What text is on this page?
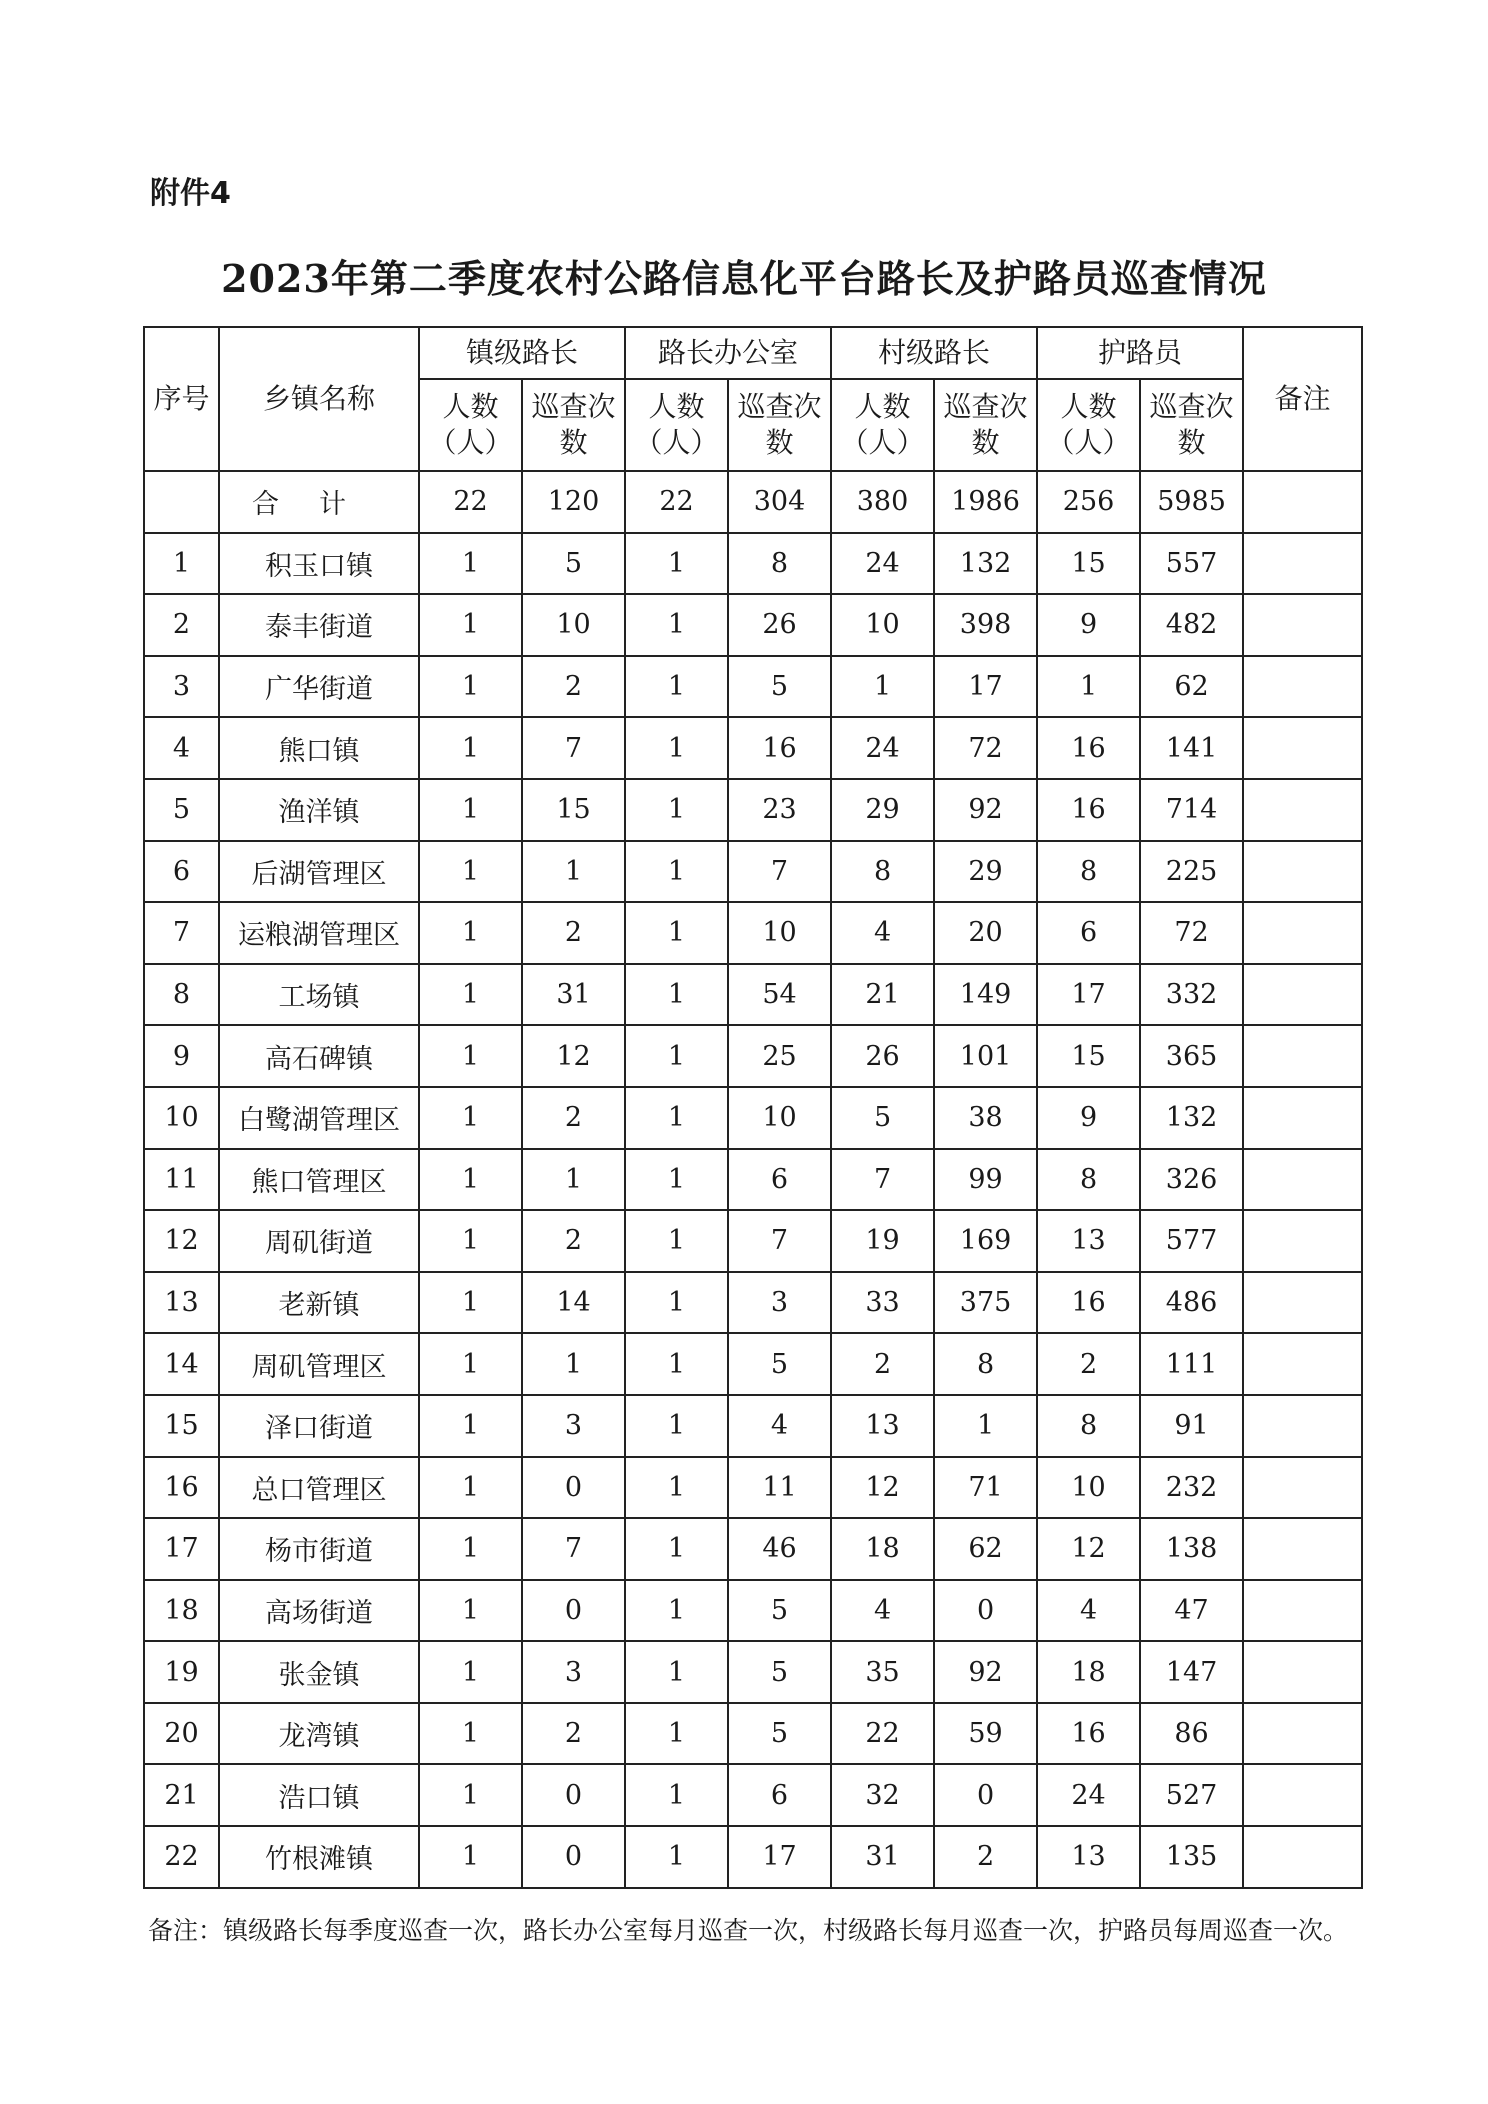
附件4
2023年第二季度农村公路信息化平台路长及护路员巡查情况
序号	乡镇名称	镇级路长		路长办公室		村级路长		护路员		备注
		人数（人）	巡查次数	人数（人）	巡查次数	人数（人）	巡查次数	人数（人）	巡查次数	
	合计	22	120	22	304	380	1986	256	5985	
1	积玉口镇	1	5	1	8	24	132	15	557	
2	泰丰街道	1	10	1	26	10	398	9	482	
3	广华街道	1	2	1	5	1	17	1	62	
4	熊口镇	1	7	1	16	24	72	16	141	
5	渔洋镇	1	15	1	23	29	92	16	714	
6	后湖管理区	1	1	1	7	8	29	8	225	
7	运粮湖管理区	1	2	1	10	4	20	6	72	
8	工场镇	1	31	1	54	21	149	17	332	
9	高石碑镇	1	12	1	25	26	101	15	365	
10	白鹭湖管理区	1	2	1	10	5	38	9	132	
11	熊口管理区	1	1	1	6	7	99	8	326	
12	周矶街道	1	2	1	7	19	169	13	577	
13	老新镇	1	14	1	3	33	375	16	486	
14	周矶管理区	1	1	1	5	2	8	2	111	
15	泽口街道	1	3	1	4	13	1	8	91	
16	总口管理区	1	0	1	11	12	71	10	232	
17	杨市街道	1	7	1	46	18	62	12	138	
18	高场街道	1	0	1	5	4	0	4	47	
19	张金镇	1	3	1	5	35	92	18	147	
20	龙湾镇	1	2	1	5	22	59	16	86	
21	浩口镇	1	0	1	6	32	0	24	527	
22	竹根滩镇	1	0	1	17	31	2	13	135	
备注：镇级路长每季度巡查一次，路长办公室每月巡查一次，村级路长每月巡查一次，护路员每周巡查一次。
